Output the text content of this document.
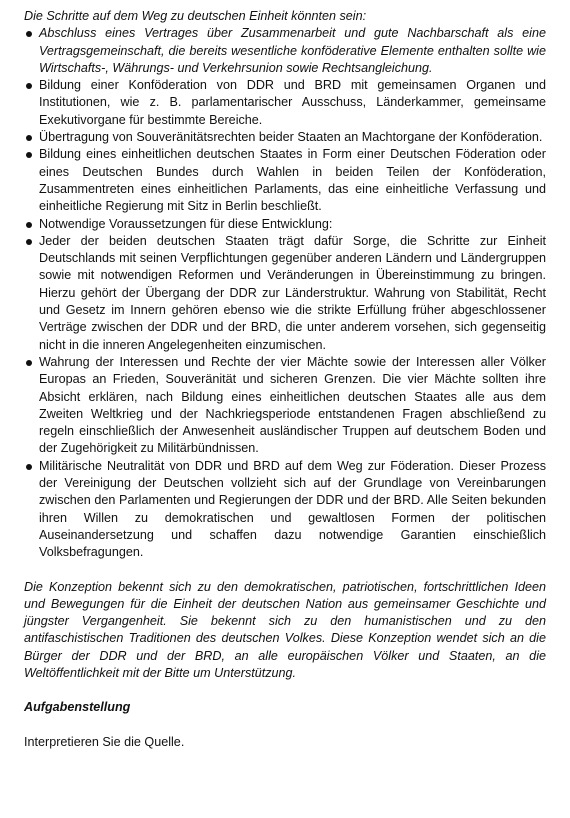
Die Schritte auf dem Weg zu deutschen Einheit könnten sein:

Abschluss eines Vertrages über Zusammenarbeit und gute Nachbarschaft als eine Vertragsgemeinschaft, die bereits wesentliche konföderative Elemente enthalten sollte wie Wirtschafts-, Währungs- und Verkehrsunion sowie Rechtsangleichung.
Bildung einer Konföderation von DDR und BRD mit gemeinsamen Organen und Institutionen, wie z. B. parlamentarischer Ausschuss, Länderkammer, gemeinsame Exekutivorgane für bestimmte Bereiche.
Übertragung von Souveränitätsrechten beider Staaten an Machtorgane der Konföderation.
Bildung eines einheitlichen deutschen Staates in Form einer Deutschen Föderation oder eines Deutschen Bundes durch Wahlen in beiden Teilen der Konföderation, Zusammentreten eines einheitlichen Parlaments, das eine einheitliche Verfassung und einheitliche Regierung mit Sitz in Berlin beschließt.
Notwendige Voraussetzungen für diese Entwicklung:
Jeder der beiden deutschen Staaten trägt dafür Sorge, die Schritte zur Einheit Deutschlands mit seinen Verpflichtungen gegenüber anderen Ländern und Ländergruppen sowie mit notwendigen Reformen und Veränderungen in Übereinstimmung zu bringen. Hierzu gehört der Übergang der DDR zur Länderstruktur. Wahrung von Stabilität, Recht und Gesetz im Innern gehören ebenso wie die strikte Erfüllung früher abgeschlossener Verträge zwischen der DDR und der BRD, die unter anderem vorsehen, sich gegenseitig nicht in die inneren Angelegenheiten einzumischen.
Wahrung der Interessen und Rechte der vier Mächte sowie der Interessen aller Völker Europas an Frieden, Souveränität und sicheren Grenzen. Die vier Mächte sollten ihre Absicht erklären, nach Bildung eines einheitlichen deutschen Staates alle aus dem Zweiten Weltkrieg und der Nachkriegsperiode entstandenen Fragen abschließend zu regeln einschließlich der Anwesenheit ausländischer Truppen auf deutschem Boden und der Zugehörigkeit zu Militärbündnissen.
Militärische Neutralität von DDR und BRD auf dem Weg zur Föderation. Dieser Prozess der Vereinigung der Deutschen vollzieht sich auf der Grundlage von Vereinbarungen zwischen den Parlamenten und Regierungen der DDR und der BRD. Alle Seiten bekunden ihren Willen zu demokratischen und gewaltlosen Formen der politischen Auseinandersetzung und schaffen dazu notwendige Garantien einschießlich Volksbefragungen.

Die Konzeption bekennt sich zu den demokratischen, patriotischen, fortschrittlichen Ideen und Bewegungen für die Einheit der deutschen Nation aus gemeinsamer Geschichte und jüngster Vergangenheit. Sie bekennt sich zu den humanistischen und zu den antifaschistischen Traditionen des deutschen Volkes. Diese Konzeption wendet sich an die Bürger der DDR und der BRD, an alle europäischen Völker und Staaten, an die Weltöffentlichkeit mit der Bitte um Unterstützung.

Aufgabenstellung

Interpretieren Sie die Quelle.
